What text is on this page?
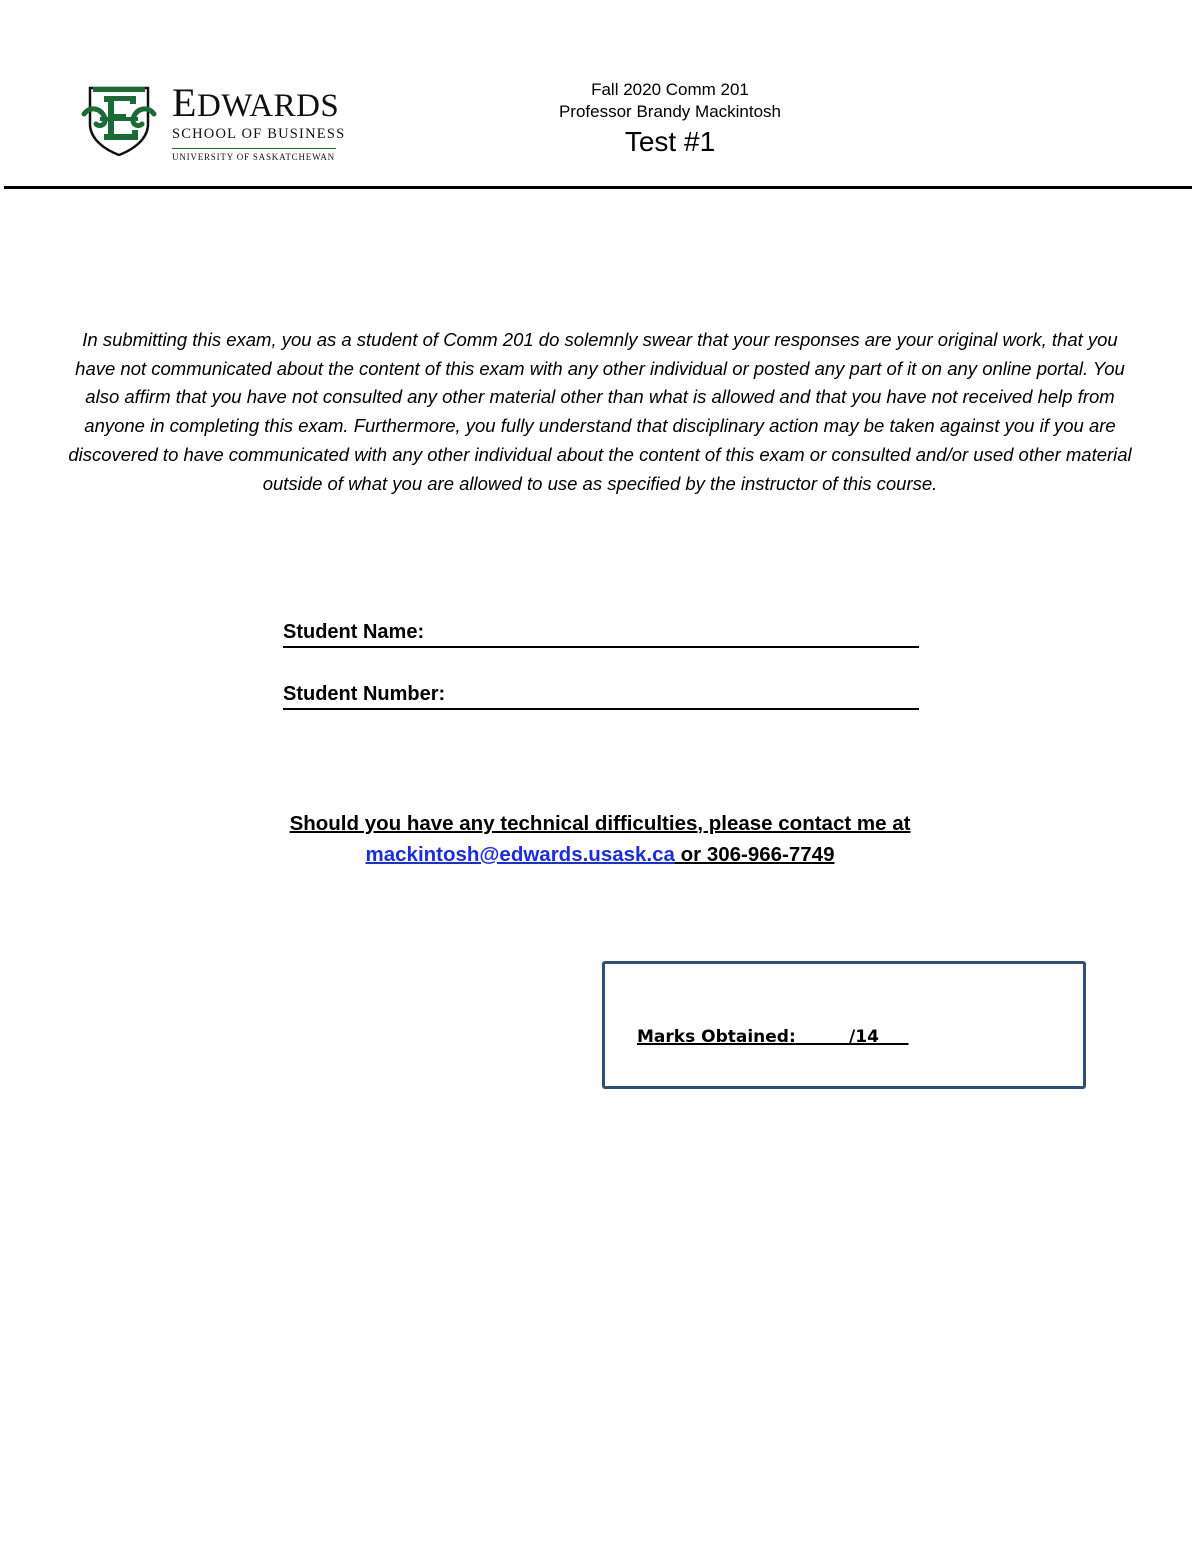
EDWARDS
SCHOOL OF BUSINESS
UNIVERSITY OF SASKATCHEWAN
Fall 2020 Comm 201
Professor Brandy Mackintosh
Test #1
In submitting this exam, you as a student of Comm 201 do solemnly swear that your responses are your original work, that you have not communicated about the content of this exam with any other individual or posted any part of it on any online portal. You also affirm that you have not consulted any other material other than what is allowed and that you have not received help from anyone in completing this exam. Furthermore, you fully understand that disciplinary action may be taken against you if you are discovered to have communicated with any other individual about the content of this exam or consulted and/or used other material outside of what you are allowed to use as specified by the instructor of this course.
Student Name:
Student Number:
Should you have any technical difficulties, please contact me at
mackintosh@edwards.usask.ca or 306-966-7749
Marks Obtained:	/14
